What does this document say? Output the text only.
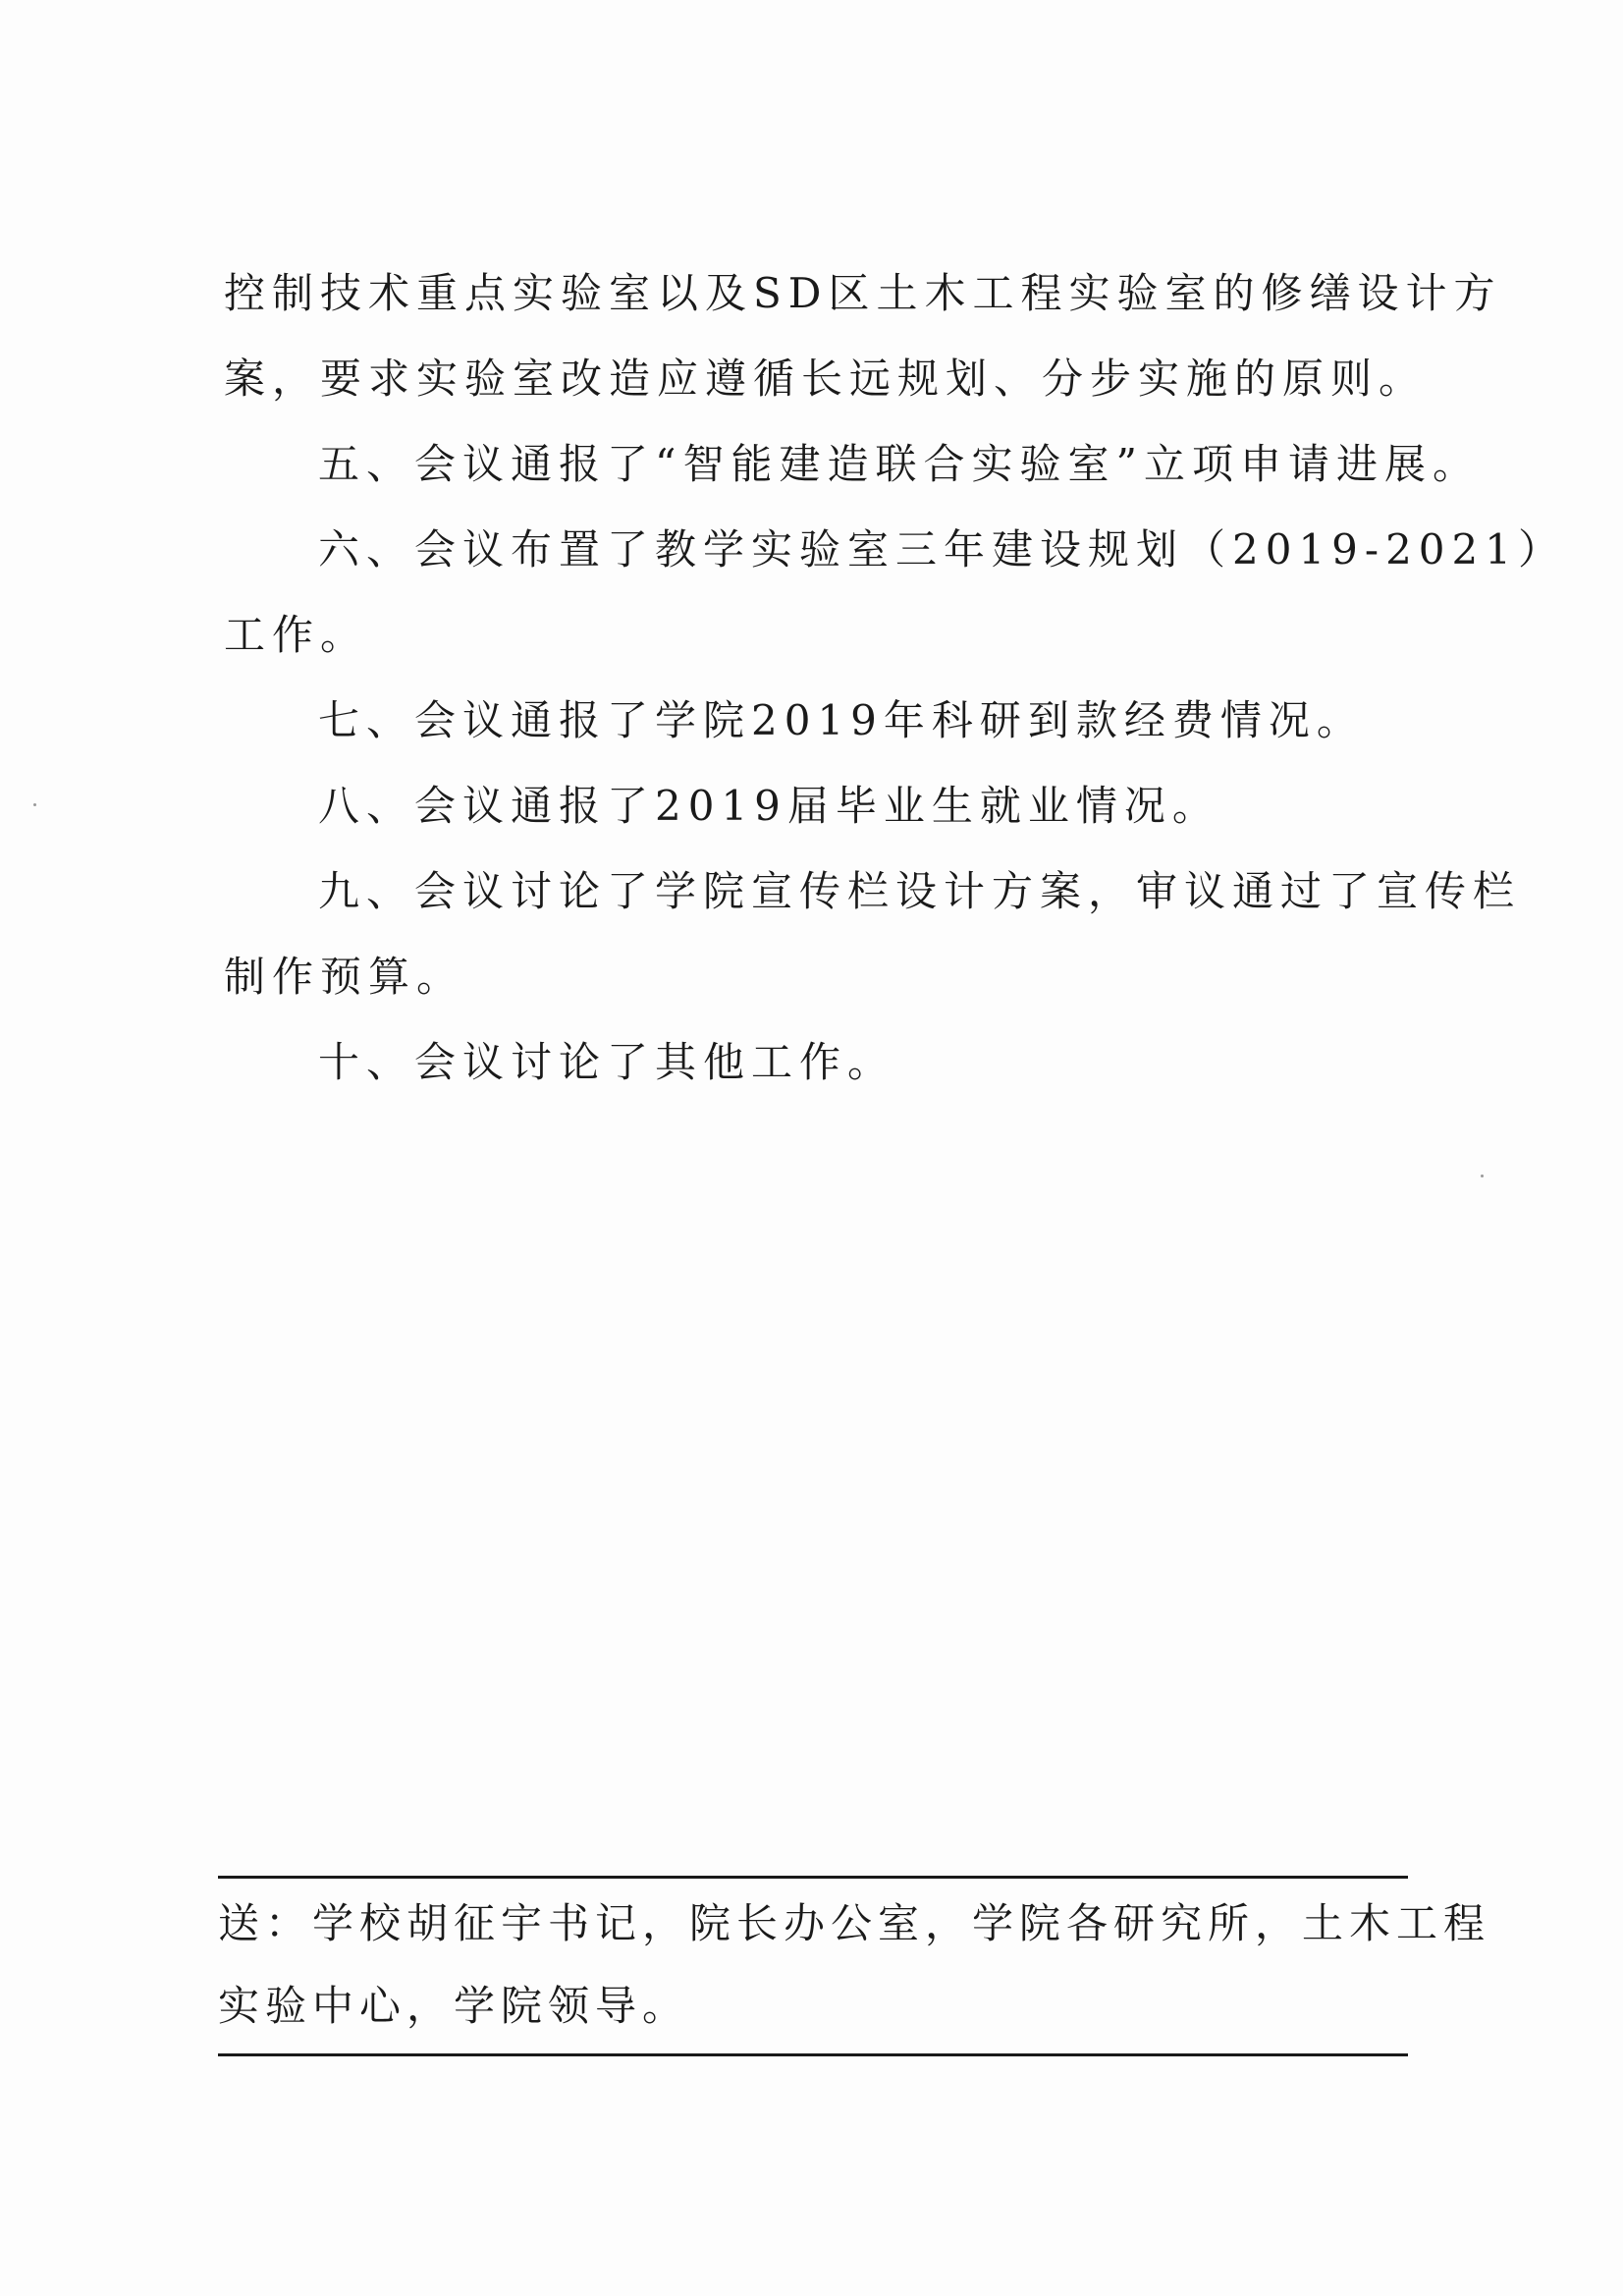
控制技术重点实验室以及SD区土木工程实验室的修缮设计方
案，要求实验室改造应遵循长远规划、分步实施的原则。

五、会议通报了“智能建造联合实验室”立项申请进展。

六、会议布置了教学实验室三年建设规划（2019-2021）
工作。

七、会议通报了学院2019年科研到款经费情况。

八、会议通报了2019届毕业生就业情况。

九、会议讨论了学院宣传栏设计方案，审议通过了宣传栏
制作预算。

十、会议讨论了其他工作。

送：学校胡征宇书记，院长办公室，学院各研究所，土木工程
实验中心，学院领导。
